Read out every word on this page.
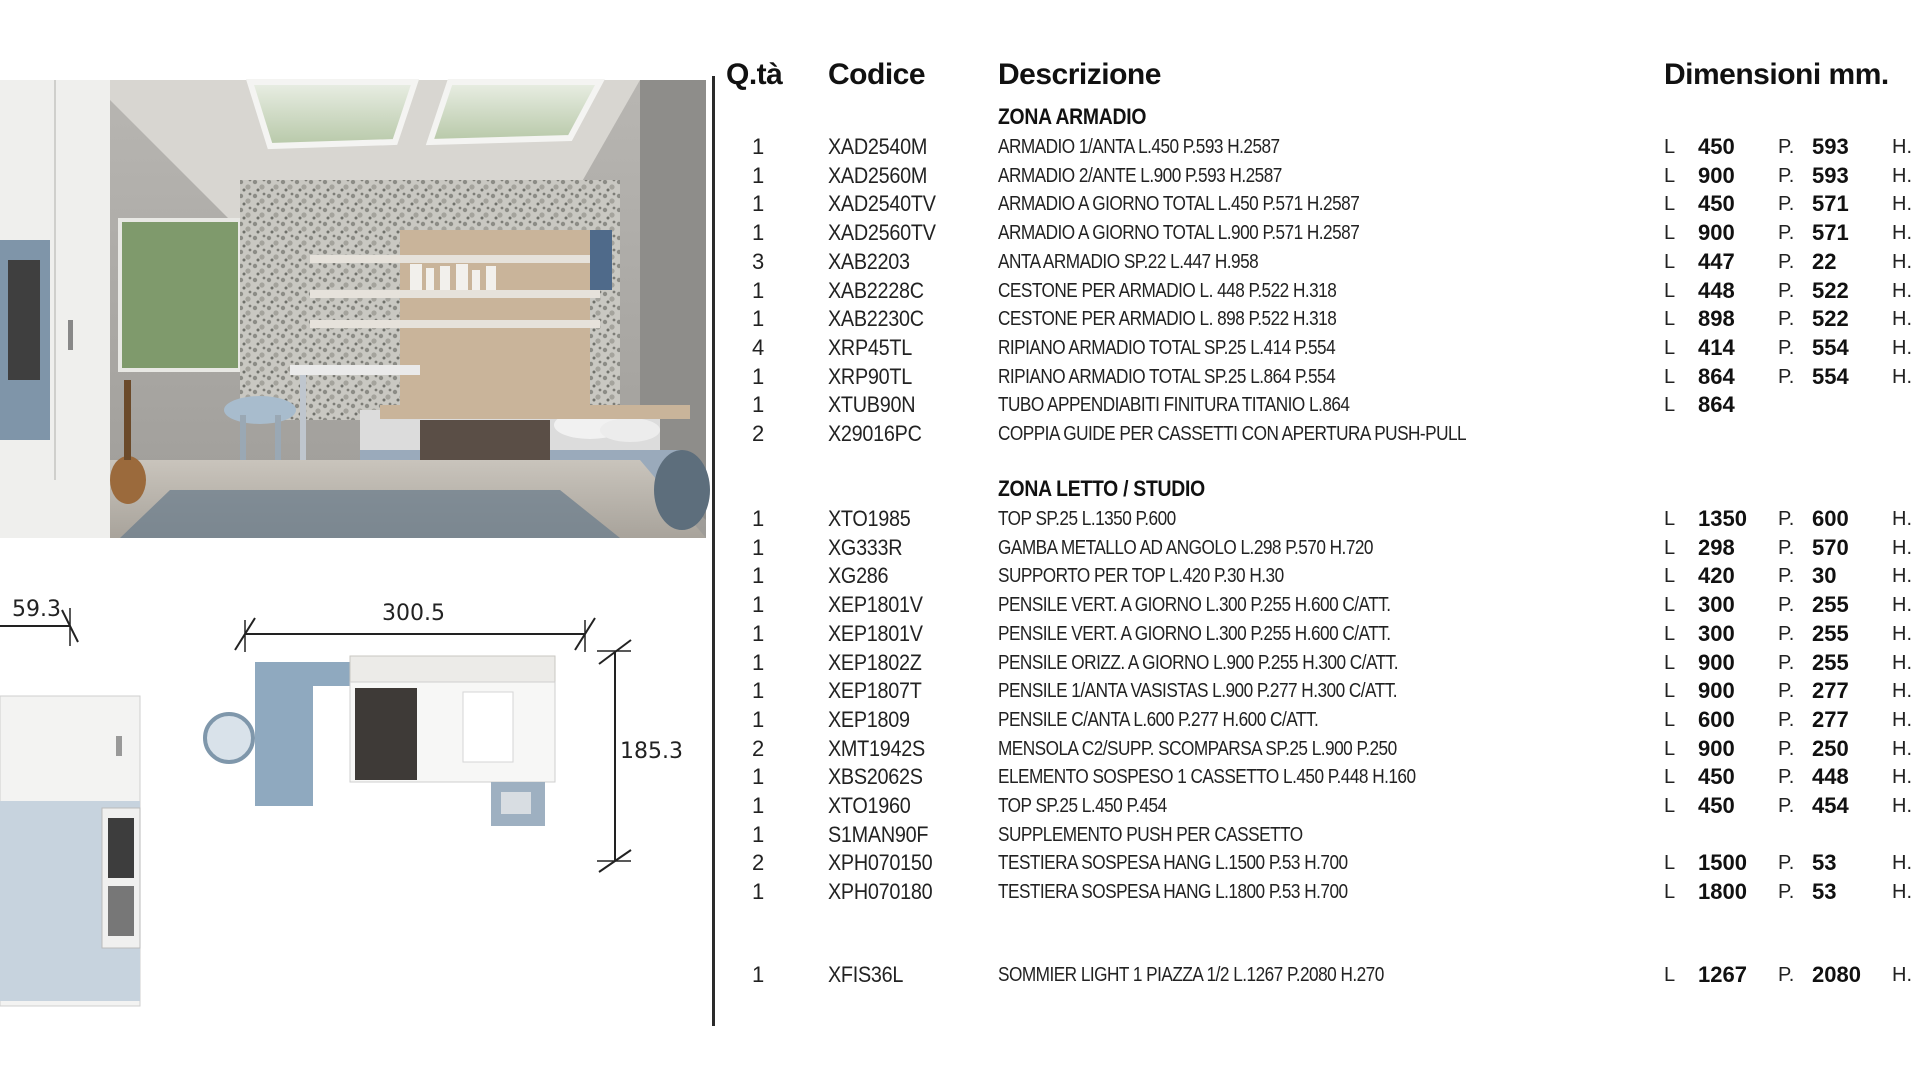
59.3	300.5
185.3
Q.tà Codice Descrizione	Dimensioni mm.
ZONA ARMADIO
1	XAD2540M	ARMADIO 1/ANTA L.450 P.593 H.2587	L 450 P. 593 H.
1	XAD2560M	ARMADIO 2/ANTE L.900 P.593 H.2587	L 900 P. 593 H.
1	XAD2540TV	ARMADIO A GIORNO TOTAL L.450 P.571 H.2587	L 450 P. 571 H.
1	XAD2560TV	ARMADIO A GIORNO TOTAL L.900 P.571 H.2587	L 900 P. 571 H.
3	XAB2203	ANTA ARMADIO SP.22 L.447 H.958	L 447 P. 22	H.
1	XAB2228C	CESTONE PER ARMADIO L. 448 P.522 H.318	L 448 P. 522 H.
1	XAB2230C	CESTONE PER ARMADIO L. 898 P.522 H.318	L 898 P. 522 H.
4	XRP45TL	RIPIANO ARMADIO TOTAL SP.25 L.414 P.554	L 414 P. 554 H.
1	XRP90TL	RIPIANO ARMADIO TOTAL SP.25 L.864 P.554	L 864 P. 554 H.
1	XTUB90N	TUBO APPENDIABITI FINITURA TITANIO L.864	L 864
2	X29016PC	COPPIA GUIDE PER CASSETTI CON APERTURA PUSH-PULL
ZONA LETTO / STUDIO
1	XTO1985	TOP SP.25 L.1350 P.600	L 1350 P. 600 H.
1	XG333R	GAMBA METALLO AD ANGOLO L.298 P.570 H.720	L 298 P. 570 H.
1	XG286	SUPPORTO PER TOP L.420 P.30 H.30	L 420 P. 30	H.
1	XEP1801V	PENSILE VERT. A GIORNO L.300 P.255 H.600 C/ATT.	L 300 P. 255 H.
1	XEP1801V	PENSILE VERT. A GIORNO L.300 P.255 H.600 C/ATT.	L 300 P. 255 H.
1	XEP1802Z	PENSILE ORIZZ. A GIORNO L.900 P.255 H.300 C/ATT.	L 900 P. 255 H.
1	XEP1807T	PENSILE 1/ANTA VASISTAS L.900 P.277 H.300 C/ATT.	L 900 P. 277 H.
1	XEP1809	PENSILE C/ANTA L.600 P.277 H.600 C/ATT.	L 600 P. 277 H.
2	XMT1942S	MENSOLA C2/SUPP. SCOMPARSA SP.25 L.900 P.250	L 900 P. 250 H.
1	XBS2062S	ELEMENTO SOSPESO 1 CASSETTO L.450 P.448 H.160	L 450 P. 448 H.
1	XTO1960	TOP SP.25 L.450 P.454	L 450 P. 454 H.
1	S1MAN90F	SUPPLEMENTO PUSH PER CASSETTO
2	XPH070150	TESTIERA SOSPESA HANG L.1500 P.53 H.700	L 1500 P. 53	H.
1	XPH070180	TESTIERA SOSPESA HANG L.1800 P.53 H.700	L 1800 P. 53	H.
1	XFIS36L	SOMMIER LIGHT 1 PIAZZA 1/2 L.1267 P.2080 H.270	L 1267 P. 2080 H.
